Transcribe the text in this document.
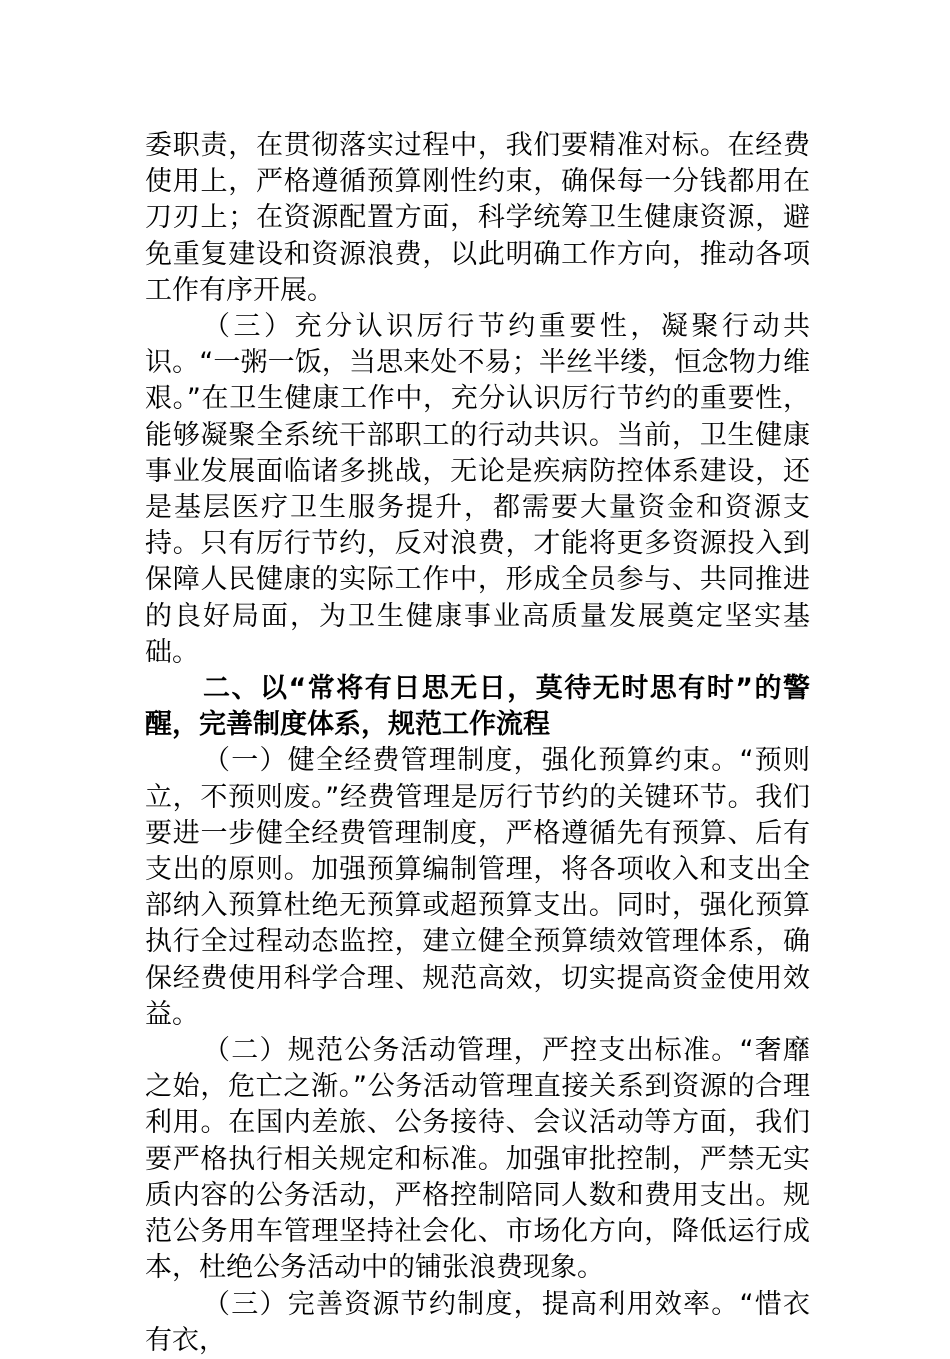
委职责，在贯彻落实过程中，我们要精准对标。在经费使用上，严格遵循预算刚性约束，确保每一分钱都用在刀刃上；在资源配置方面，科学统筹卫生健康资源，避免重复建设和资源浪费，以此明确工作方向，推动各项工作有序开展。

（三）充分认识厉行节约重要性，凝聚行动共识。“一粥一饭，当思来处不易；半丝半缕，恒念物力维艰。”在卫生健康工作中，充分认识厉行节约的重要性，能够凝聚全系统干部职工的行动共识。当前，卫生健康事业发展面临诸多挑战，无论是疾病防控体系建设，还是基层医疗卫生服务提升，都需要大量资金和资源支持。只有厉行节约，反对浪费，才能将更多资源投入到保障人民健康的实际工作中，形成全员参与、共同推进的良好局面，为卫生健康事业高质量发展奠定坚实基础。

二、以“常将有日思无日，莫待无时思有时”的警醒，完善制度体系，规范工作流程

（一）健全经费管理制度，强化预算约束。“预则立，不预则废。”经费管理是厉行节约的关键环节。我们要进一步健全经费管理制度，严格遵循先有预算、后有支出的原则。加强预算编制管理，将各项收入和支出全部纳入预算杜绝无预算或超预算支出。同时，强化预算执行全过程动态监控，建立健全预算绩效管理体系，确保经费使用科学合理、规范高效，切实提高资金使用效益。

（二）规范公务活动管理，严控支出标准。“奢靡之始，危亡之渐。”公务活动管理直接关系到资源的合理利用。在国内差旅、公务接待、会议活动等方面，我们要严格执行相关规定和标准。加强审批控制，严禁无实质内容的公务活动，严格控制陪同人数和费用支出。规范公务用车管理坚持社会化、市场化方向，降低运行成本，杜绝公务活动中的铺张浪费现象。

（三）完善资源节约制度，提高利用效率。“惜衣有衣，
